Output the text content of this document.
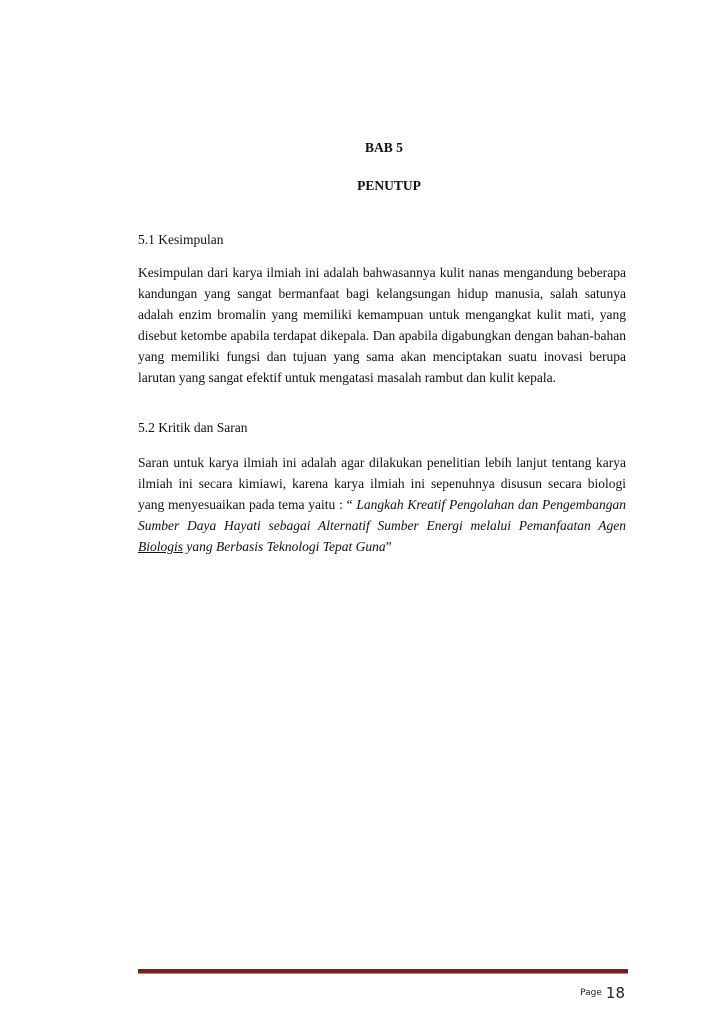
BAB 5
PENUTUP
5.1 Kesimpulan

Kesimpulan dari karya ilmiah ini adalah bahwasannya kulit nanas mengandung beberapa kandungan yang sangat bermanfaat bagi kelangsungan hidup manusia, salah satunya adalah enzim bromalin yang memiliki kemampuan untuk mengangkat kulit mati, yang disebut ketombe apabila terdapat dikepala. Dan apabila digabungkan dengan bahan-bahan yang memiliki fungsi dan tujuan yang sama akan menciptakan suatu inovasi berupa larutan yang sangat efektif untuk mengatasi masalah rambut dan kulit kepala.

5.2 Kritik dan Saran

Saran untuk karya ilmiah ini adalah agar dilakukan penelitian lebih lanjut tentang karya ilmiah ini secara kimiawi, karena karya ilmiah ini sepenuhnya disusun secara biologi yang menyesuaikan pada tema yaitu : “ Langkah Kreatif Pengolahan dan Pengembangan Sumber Daya Hayati sebagai Alternatif Sumber Energi melalui Pemanfaatan Agen Biologis yang Berbasis Teknologi Tepat Guna”

Page 18
